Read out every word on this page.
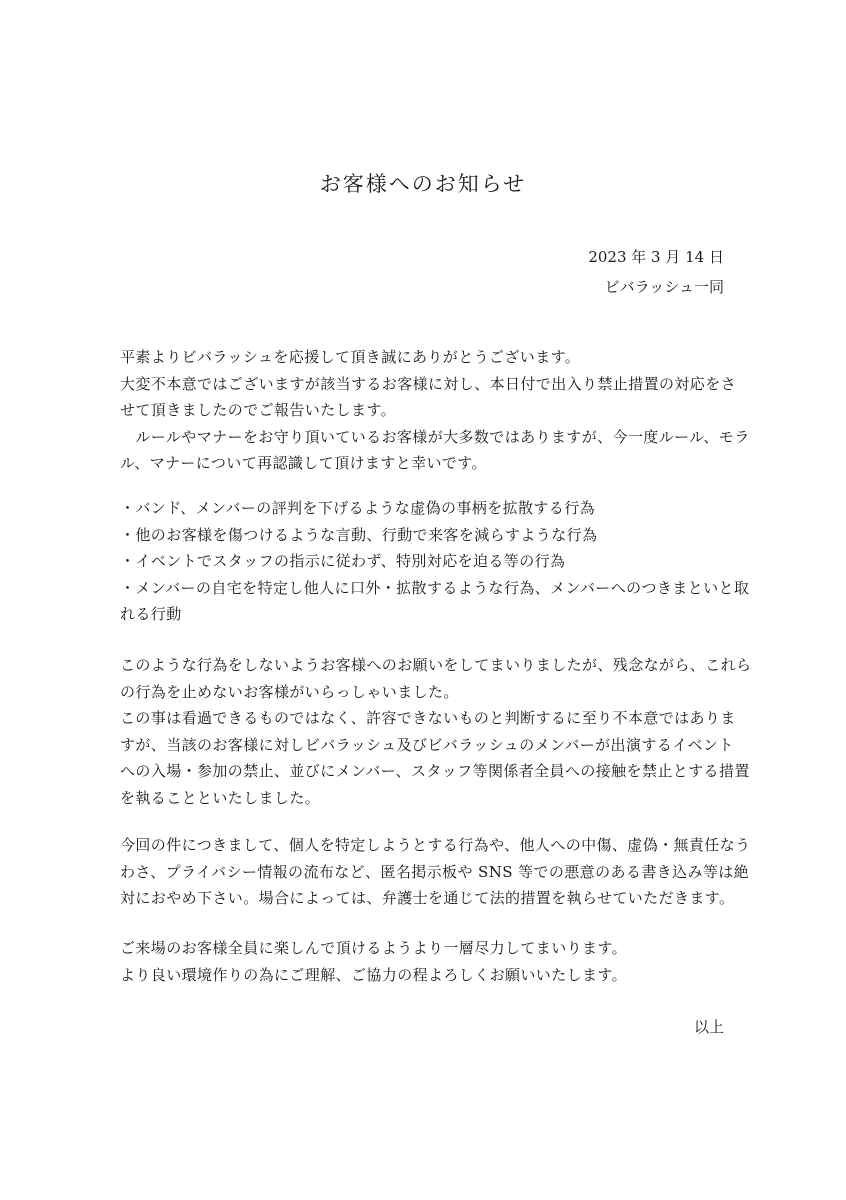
お客様へのお知らせ
2023 年 3 月 14 日
ビバラッシュ一同
平素よりビバラッシュを応援して頂き誠にありがとうございます。
大変不本意ではございますが該当するお客様に対し、本日付で出入り禁止措置の対応をさ
せて頂きましたのでご報告いたします。
　ルールやマナーをお守り頂いているお客様が大多数ではありますが、今一度ルール、モラ
ル、マナーについて再認識して頂けますと幸いです。
・バンド、メンバーの評判を下げるような虚偽の事柄を拡散する行為
・他のお客様を傷つけるような言動、行動で来客を減らすような行為
・イベントでスタッフの指示に従わず、特別対応を迫る等の行為
・メンバーの自宅を特定し他人に口外・拡散するような行為、メンバーへのつきまといと取
れる行動
このような行為をしないようお客様へのお願いをしてまいりましたが、残念ながら、これら
の行為を止めないお客様がいらっしゃいました。
この事は看過できるものではなく、許容できないものと判断するに至り不本意ではありま
すが、当該のお客様に対しビバラッシュ及びビバラッシュのメンバーが出演するイベント
への入場・参加の禁止、並びにメンバー、スタッフ等関係者全員への接触を禁止とする措置
を執ることといたしました。
今回の件につきまして、個人を特定しようとする行為や、他人への中傷、虚偽・無責任なう
わさ、プライバシー情報の流布など、匿名掲示板や SNS 等での悪意のある書き込み等は絶
対におやめ下さい。場合によっては、弁護士を通じて法的措置を執らせていただきます。
ご来場のお客様全員に楽しんで頂けるようより一層尽力してまいります。
より良い環境作りの為にご理解、ご協力の程よろしくお願いいたします。
以上
